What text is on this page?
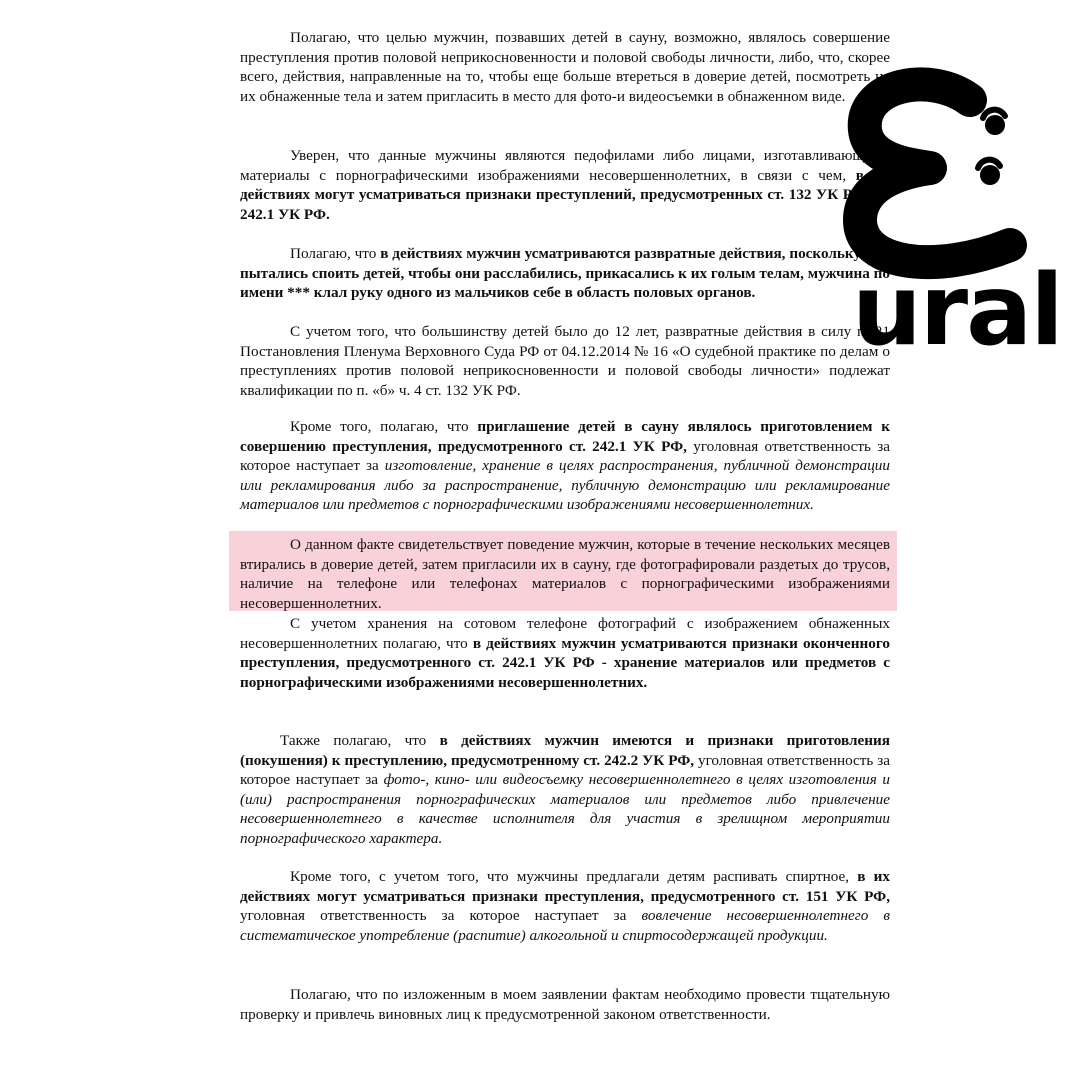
Полагаю, что целью мужчин, позвавших детей в сауну, возможно, являлось совершение преступления против половой неприкосновенности и половой свободы личности, либо, что, скорее всего, действия, направленные на то, чтобы еще больше втереться в доверие детей, посмотреть на их обнаженные тела и затем пригласить в место для фото-и видеосъемки в обнаженном виде.

Уверен, что данные мужчины являются педофилами либо лицами, изготавливающими материалы с порнографическими изображениями несовершеннолетних, в связи с чем, в их действиях могут усматриваться признаки преступлений, предусмотренных ст. 132 УК РФ, ст. 242.1 УК РФ.

Полагаю, что в действиях мужчин усматриваются развратные действия, поскольку они пытались споить детей, чтобы они расслабились, прикасались к их голым телам, мужчина по имени *** клал руку одного из мальчиков себе в область половых органов.

С учетом того, что большинству детей было до 12 лет, развратные действия в силу п. 21 Постановления Пленума Верховного Суда РФ от 04.12.2014 № 16 «О судебной практике по делам о преступлениях против половой неприкосновенности и половой свободы личности» подлежат квалификации по п. «б» ч. 4 ст. 132 УК РФ.

Кроме того, полагаю, что приглашение детей в сауну являлось приготовлением к совершению преступления, предусмотренного ст. 242.1 УК РФ, уголовная ответственность за которое наступает за изготовление, хранение в целях распространения, публичной демонстрации или рекламирования либо за распространение, публичную демонстрацию или рекламирование материалов или предметов с порнографическими изображениями несовершеннолетних.

О данном факте свидетельствует поведение мужчин, которые в течение нескольких месяцев втирались в доверие детей, затем пригласили их в сауну, где фотографировали раздетых до трусов, наличие на телефоне или телефонах материалов с порнографическими изображениями несовершеннолетних.

С учетом хранения на сотовом телефоне фотографий с изображением обнаженных несовершеннолетних полагаю, что в действиях мужчин усматриваются признаки оконченного преступления, предусмотренного ст. 242.1 УК РФ - хранение материалов или предметов с порнографическими изображениями несовершеннолетних.

Также полагаю, что в действиях мужчин имеются и признаки приготовления (покушения) к преступлению, предусмотренному ст. 242.2 УК РФ, уголовная ответственность за которое наступает за фото-, кино- или видеосъемку несовершеннолетнего в целях изготовления и (или) распространения порнографических материалов или предметов либо привлечение несовершеннолетнего в качестве исполнителя для участия в зрелищном мероприятии порнографического характера.

Кроме того, с учетом того, что мужчины предлагали детям распивать спиртное, в их действиях могут усматриваться признаки преступления, предусмотренного ст. 151 УК РФ, уголовная ответственность за которое наступает за вовлечение несовершеннолетнего в систематическое употребление (распитие) алкогольной и спиртосодержащей продукции.

Полагаю, что по изложенным в моем заявлении фактам необходимо провести тщательную проверку и привлечь виновных лиц к предусмотренной законом ответственности.

ural
